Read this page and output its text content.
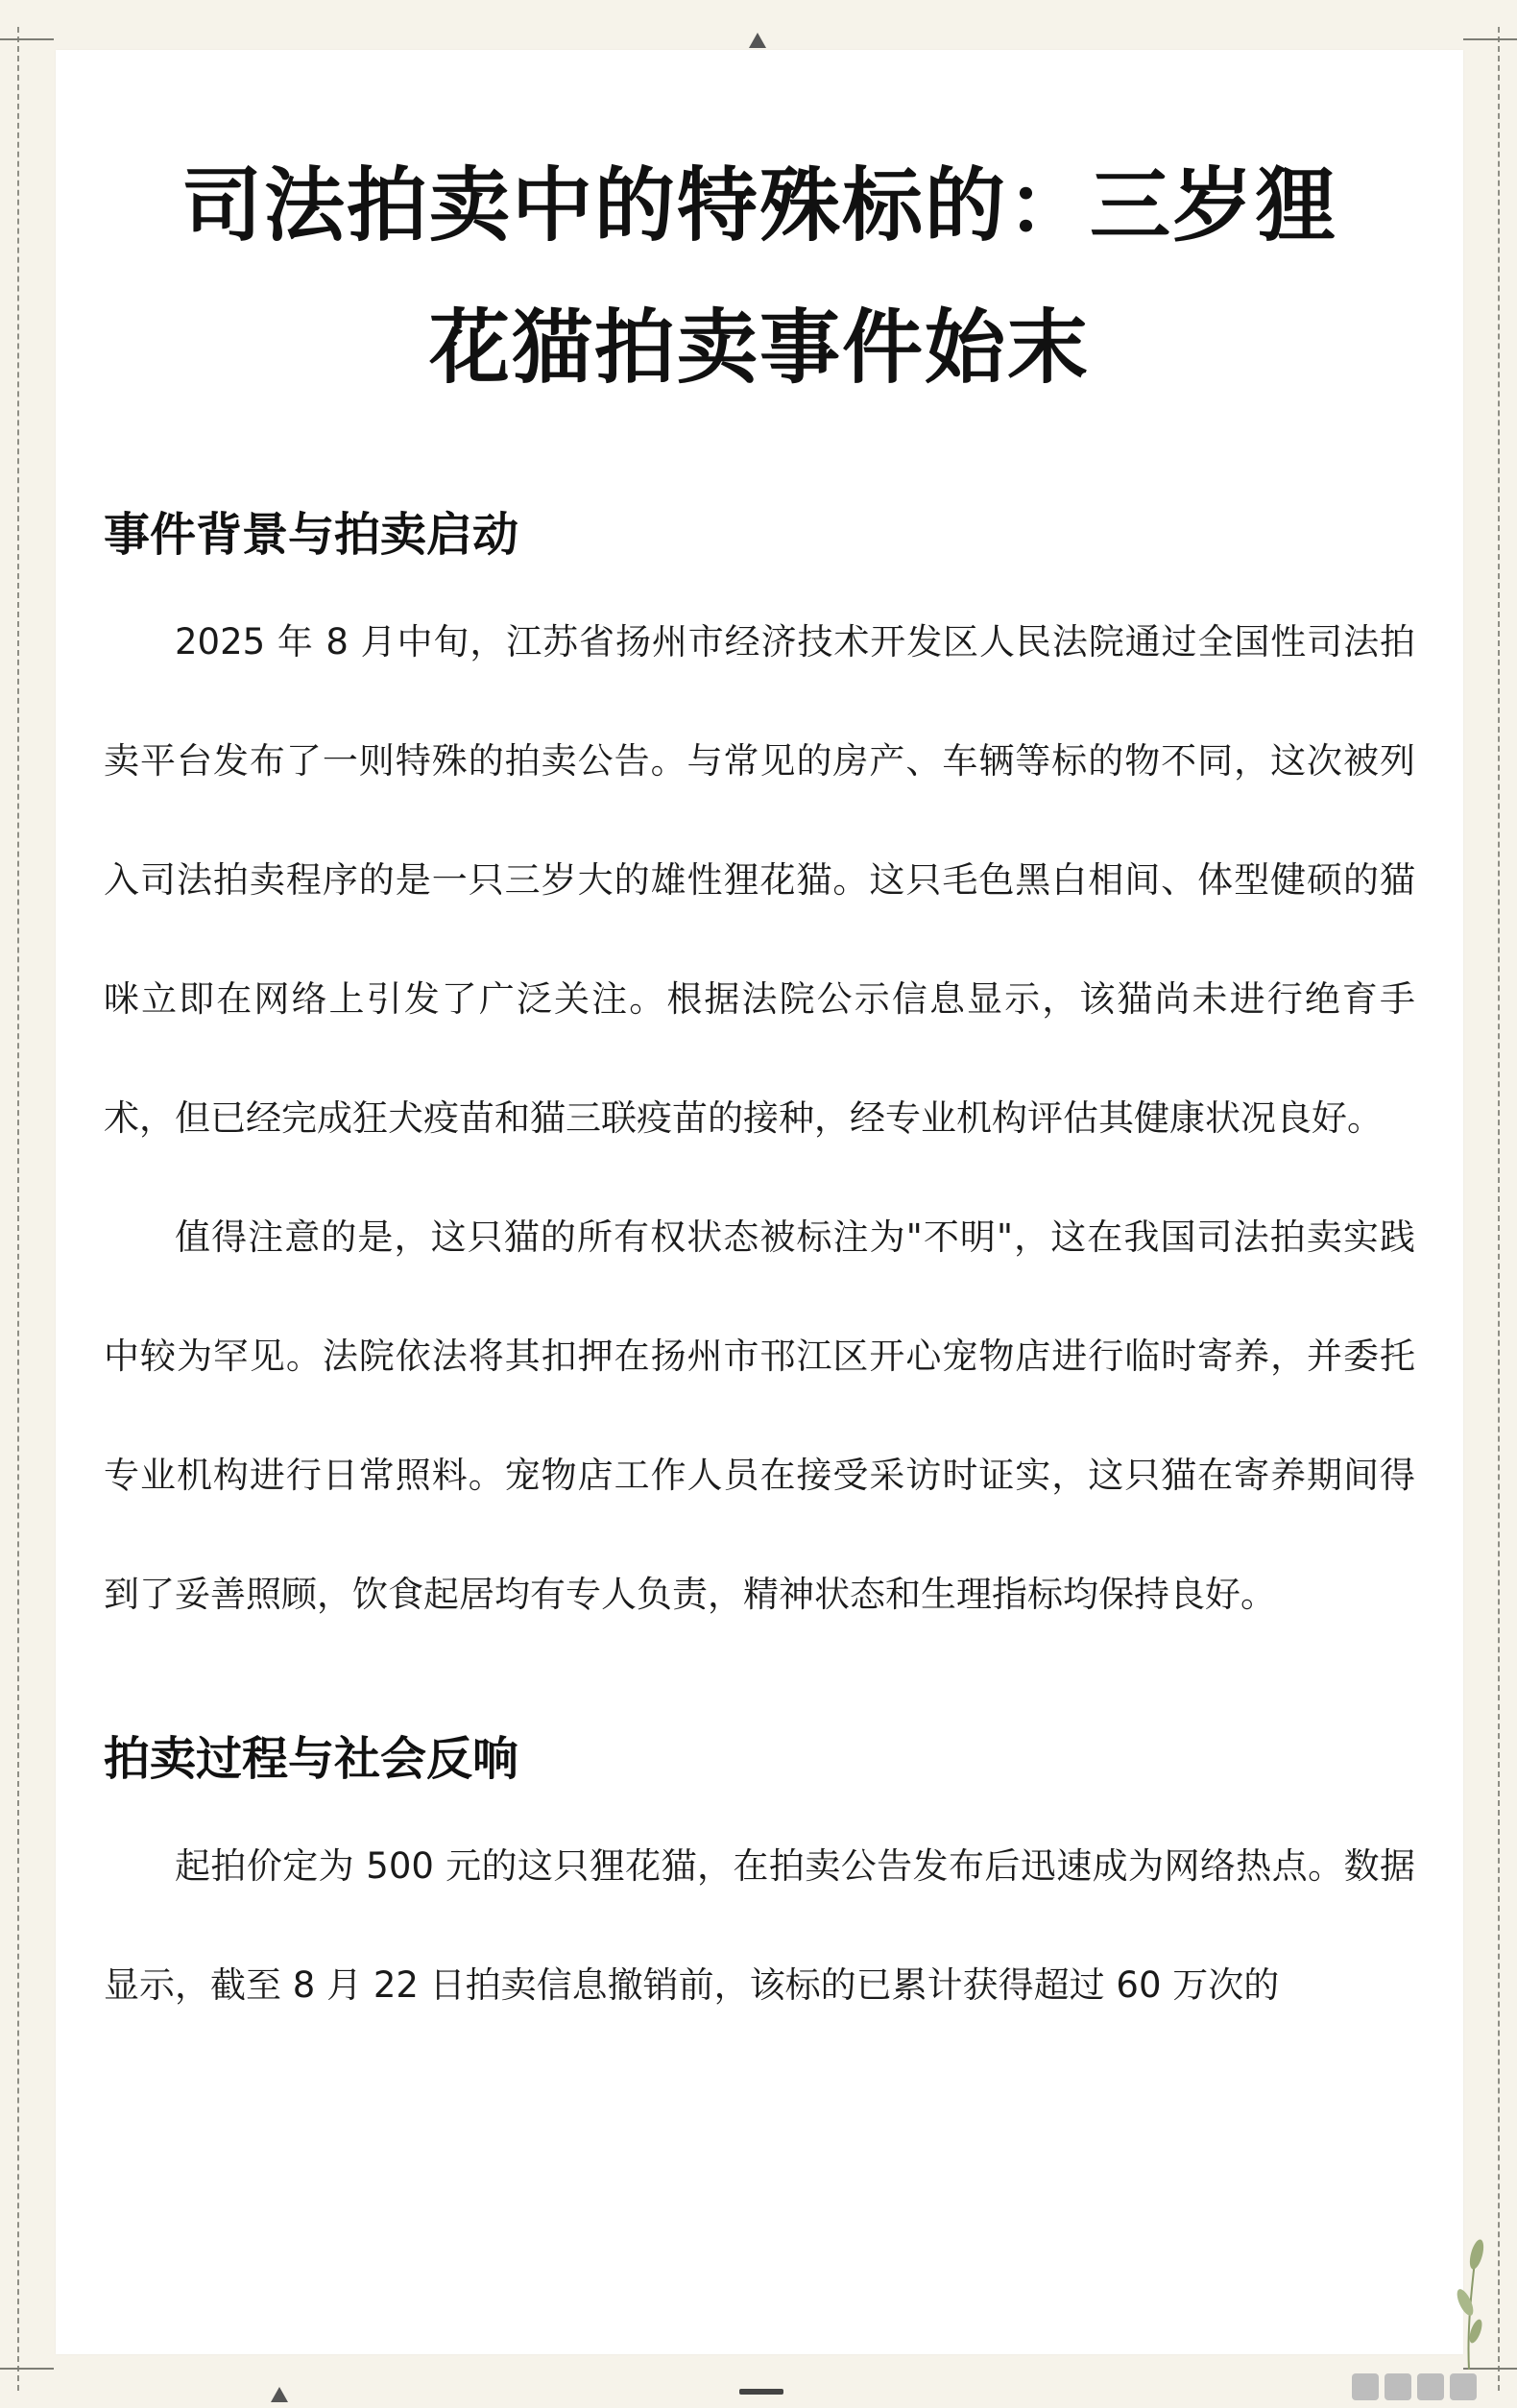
司法拍卖中的特殊标的：三岁狸花猫拍卖事件始末
事件背景与拍卖启动

2025 年 8 月中旬，江苏省扬州市经济技术开发区人民法院通过全国性司法拍卖平台发布了一则特殊的拍卖公告。与常见的房产、车辆等标的物不同，这次被列入司法拍卖程序的是一只三岁大的雄性狸花猫。这只毛色黑白相间、体型健硕的猫咪立即在网络上引发了广泛关注。根据法院公示信息显示，该猫尚未进行绝育手术，但已经完成狂犬疫苗和猫三联疫苗的接种，经专业机构评估其健康状况良好。

值得注意的是，这只猫的所有权状态被标注为"不明"，这在我国司法拍卖实践中较为罕见。法院依法将其扣押在扬州市邗江区开心宠物店进行临时寄养，并委托专业机构进行日常照料。宠物店工作人员在接受采访时证实，这只猫在寄养期间得到了妥善照顾，饮食起居均有专人负责，精神状态和生理指标均保持良好。

拍卖过程与社会反响

起拍价定为 500 元的这只狸花猫，在拍卖公告发布后迅速成为网络热点。数据显示，截至 8 月 22 日拍卖信息撤销前，该标的已累计获得超过 60 万次的
